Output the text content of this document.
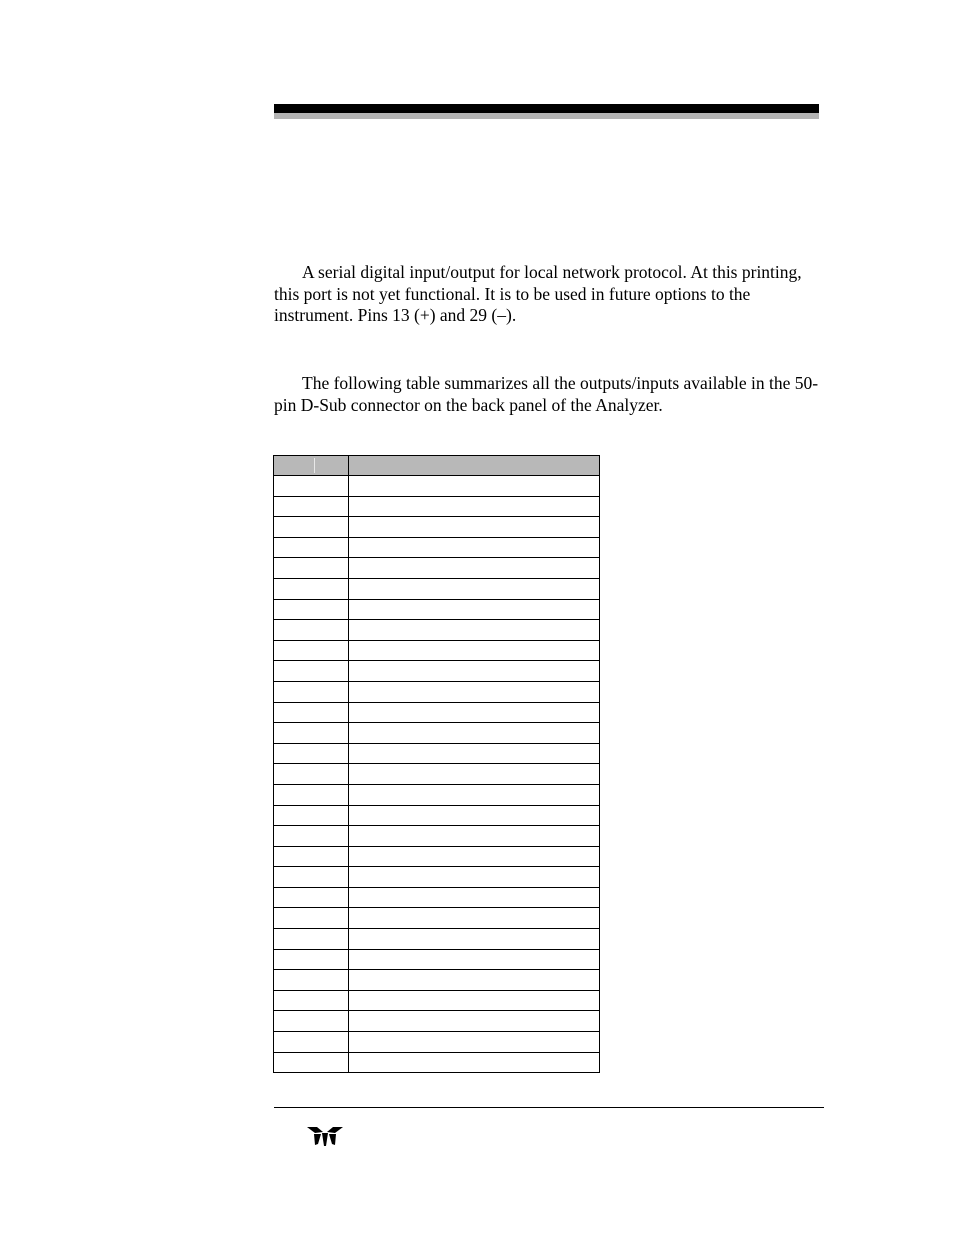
A serial digital input/output for local network protocol. At this printing, this port is not yet functional. It is to be used in future options to the instrument. Pins 13 (+) and 29 (–).

The following table summarizes all the outputs/inputs available in the 50-pin D-Sub connector on the back panel of the Analyzer.
